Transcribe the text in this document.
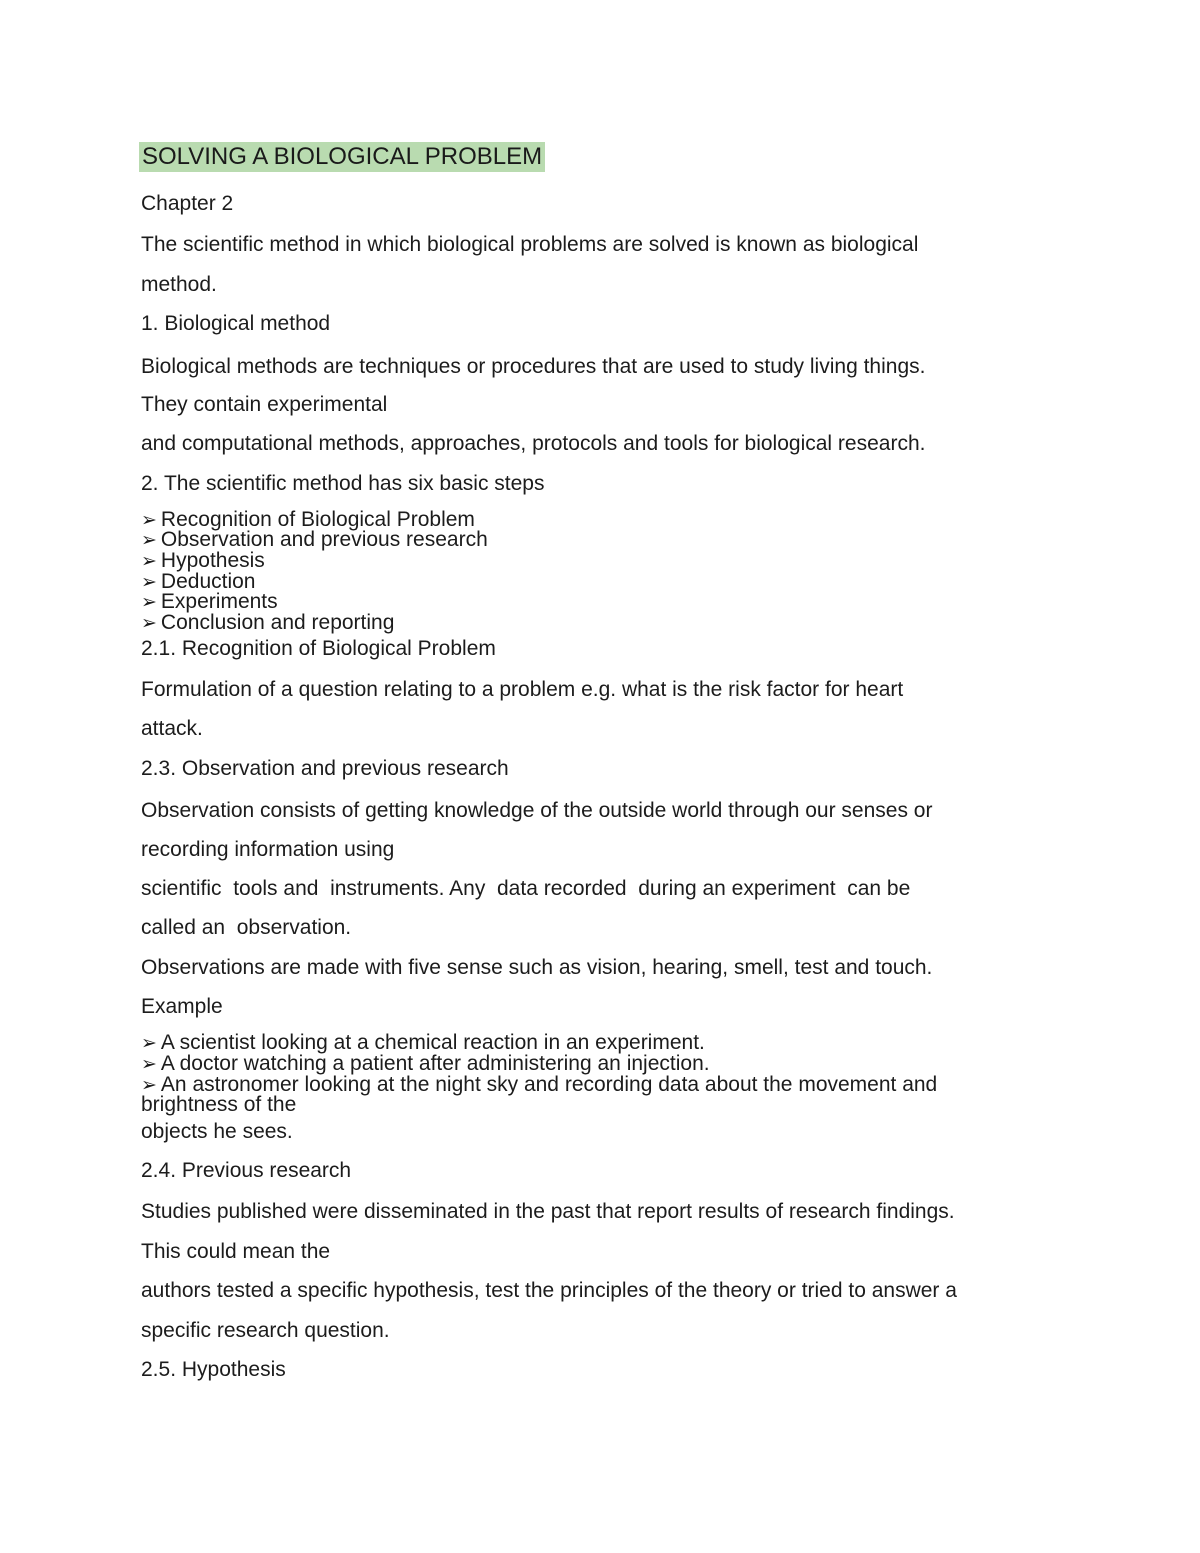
SOLVING A BIOLOGICAL PROBLEM

Chapter 2

The scientific method in which biological problems are solved is known as biological

method.

1. Biological method

Biological methods are techniques or procedures that are used to study living things.

They contain experimental

and computational methods, approaches, protocols and tools for biological research.

2. The scientific method has six basic steps

➢ Recognition of Biological Problem

➢ Observation and previous research

➢ Hypothesis

➢ Deduction

➢ Experiments

➢ Conclusion and reporting

2.1. Recognition of Biological Problem

Formulation of a question relating to a problem e.g. what is the risk factor for heart

attack.

2.3. Observation and previous research

Observation consists of getting knowledge of the outside world through our senses or

recording information using

scientific  tools and  instruments. Any  data recorded  during an experiment  can be

called an  observation.

Observations are made with five sense such as vision, hearing, smell, test and touch.

Example

➢ A scientist looking at a chemical reaction in an experiment.

➢ A doctor watching a patient after administering an injection.

➢ An astronomer looking at the night sky and recording data about the movement and

brightness of the

objects he sees.

2.4. Previous research

Studies published were disseminated in the past that report results of research findings.

This could mean the

authors tested a specific hypothesis, test the principles of the theory or tried to answer a

specific research question.

2.5. Hypothesis
